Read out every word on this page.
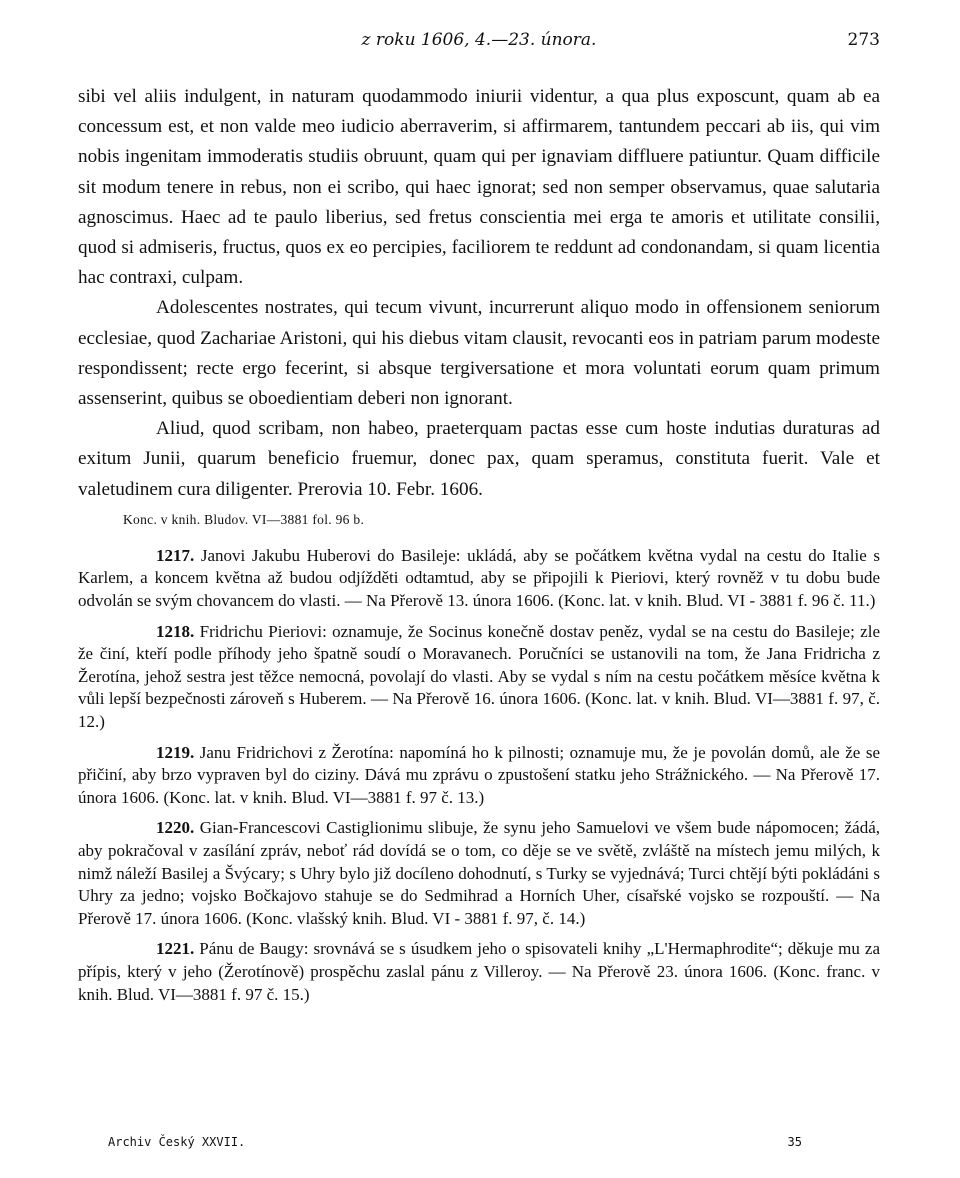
z roku 1606, 4.—23. února.	273

sibi vel aliis indulgent, in naturam quodammodo iniurii videntur, a qua plus exposcunt, quam ab ea concessum est, et non valde meo iudicio aberraverim, si affirmarem, tantundem peccari ab iis, qui vim nobis ingenitam immoderatis studiis obruunt, quam qui per ignaviam diffluere patiuntur. Quam difficile sit modum tenere in rebus, non ei scribo, qui haec ignorat; sed non semper observamus, quae salutaria agnoscimus. Haec ad te paulo liberius, sed fretus conscientia mei erga te amoris et utilitate consilii, quod si admiseris, fructus, quos ex eo percipies, faciliorem te reddunt ad condonandam, si quam licentia hac contraxi, culpam.

Adolescentes nostrates, qui tecum vivunt, incurrerunt aliquo modo in offensionem seniorum ecclesiae, quod Zachariae Aristoni, qui his diebus vitam clausit, revocanti eos in patriam parum modeste respondissent; recte ergo fecerint, si absque tergiversatione et mora voluntati eorum quam primum assenserint, quibus se oboedientiam deberi non ignorant.

Aliud, quod scribam, non habeo, praeterquam pactas esse cum hoste indutias duraturas ad exitum Junii, quarum beneficio fruemur, donec pax, quam speramus, constituta fuerit. Vale et valetudinem cura diligenter. Prerovia 10. Febr. 1606.

Konc. v knih. Bludov. VI—3881 fol. 96 b.

1217. Janovi Jakubu Huberovi do Basileje: ukládá, aby se počátkem května vydal na cestu do Italie s Karlem, a koncem května až budou odjížděti odtamtud, aby se připojili k Pieriovi, který rovněž v tu dobu bude odvolán se svým chovancem do vlasti. — Na Přerově 13. února 1606. (Konc. lat. v knih. Blud. VI - 3881 f. 96 č. 11.)

1218. Fridrichu Pieriovi: oznamuje, že Socinus konečně dostav peněz, vydal se na cestu do Basileje; zle že činí, kteří podle příhody jeho špatně soudí o Moravanech. Poručníci se ustanovili na tom, že Jana Fridricha z Žerotína, jehož sestra jest těžce nemocná, povolají do vlasti. Aby se vydal s ním na cestu počátkem měsíce května k vůli lepší bezpečnosti zároveň s Huberem. — Na Přerově 16. února 1606. (Konc. lat. v knih. Blud. VI—3881 f. 97, č. 12.)

1219. Janu Fridrichovi z Žerotína: napomíná ho k pilnosti; oznamuje mu, že je povolán domů, ale že se přičiní, aby brzo vypraven byl do ciziny. Dává mu zprávu o zpustošení statku jeho Strážnického. — Na Přerově 17. února 1606. (Konc. lat. v knih. Blud. VI—3881 f. 97 č. 13.)

1220. Gian-Francescovi Castiglionimu slibuje, že synu jeho Samuelovi ve všem bude nápomocen; žádá, aby pokračoval v zasílání zpráv, neboť rád dovídá se o tom, co děje se ve světě, zvláště na místech jemu milých, k nimž náleží Basilej a Švýcary; s Uhry bylo již docíleno dohodnutí, s Turky se vyjednává; Turci chtějí býti pokládáni s Uhry za jedno; vojsko Bočkajovo stahuje se do Sedmihrad a Horních Uher, císařské vojsko se rozpouští. — Na Přerově 17. února 1606. (Konc. vlašský knih. Blud. VI - 3881 f. 97, č. 14.)

1221. Pánu de Baugy: srovnává se s úsudkem jeho o spisovateli knihy „L'Hermaphrodite“; děkuje mu za přípis, který v jeho (Žerotínově) prospěchu zaslal pánu z Villeroy. — Na Přerově 23. února 1606. (Konc. franc. v knih. Blud. VI—3881 f. 97 č. 15.)

Archiv Český XXVII.	35
